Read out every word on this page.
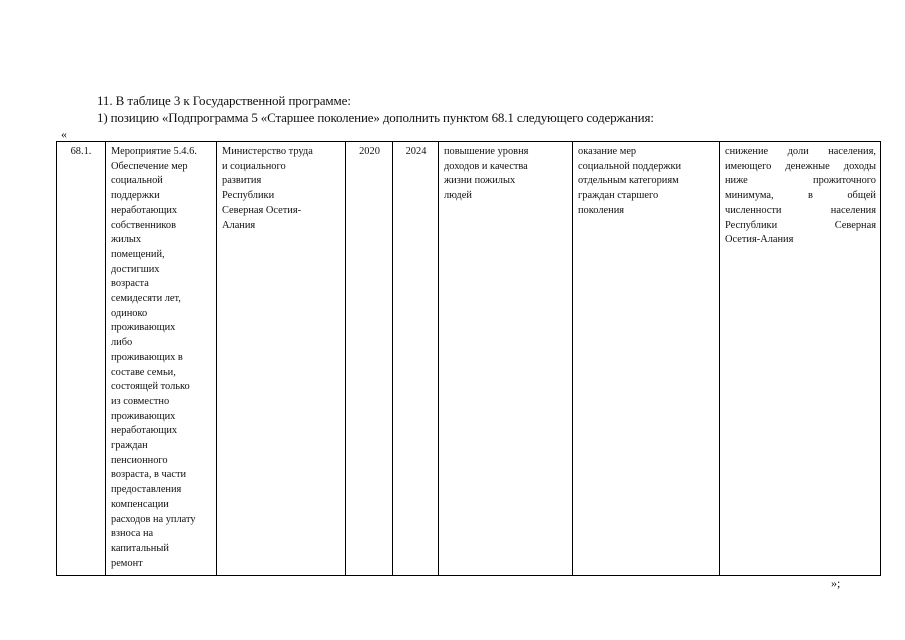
11. В таблице 3 к Государственной программе:
1) позицию «Подпрограмма 5 «Старшее поколение» дополнить пунктом 68.1 следующего содержания:
«
68.1.	Мероприятие 5.4.6.
Обеспечение мер
социальной
поддержки
неработающих
собственников
жилых
помещений,
достигших
возраста
семидесяти лет,
одиноко
проживающих
либо
проживающих в
составе семьи,
состоящей только
из совместно
проживающих
неработающих
граждан
пенсионного
возраста, в части
предоставления
компенсации
расходов на уплату
взноса на
капитальный
ремонт

Министерство труда
и социального
развития
Республики
Северная Осетия-
Алания
	2020	2024	повышение уровня
доходов и качества
жизни пожилых
людей

оказание мер
социальной поддержки
отдельным категориям
граждан старшего
поколения

снижение доли населения,
имеющего денежные доходы
ниже прожиточного
минимума, в общей
численности населения
Республики Северная
Осетия-Алания
»;
